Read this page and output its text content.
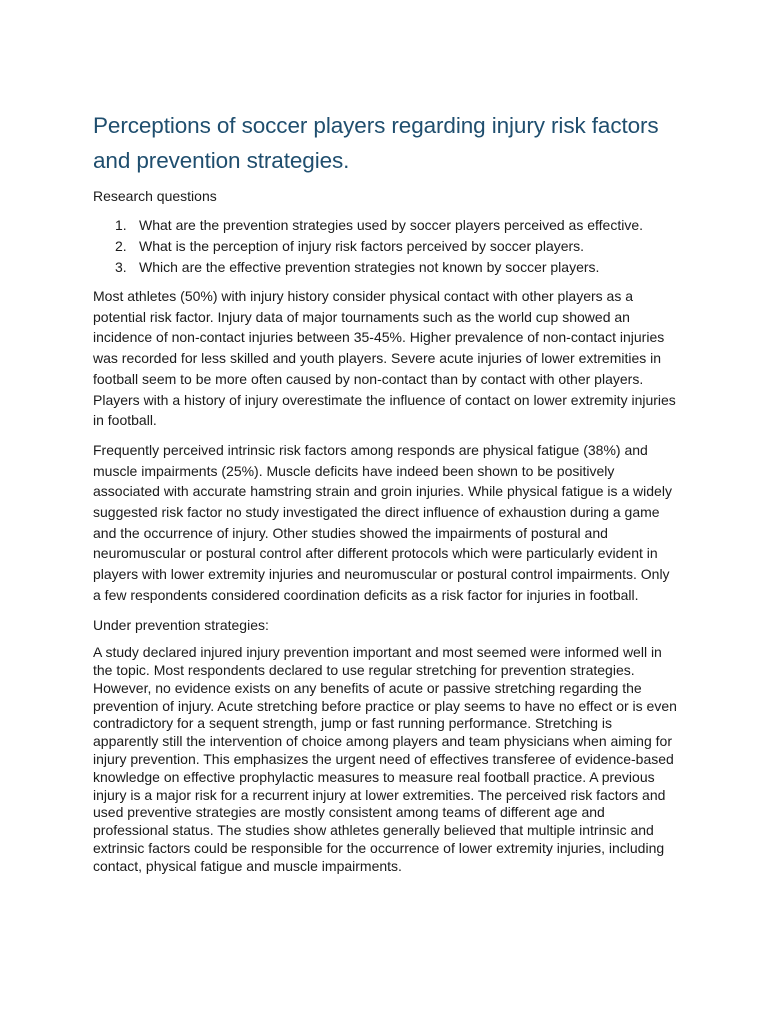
Perceptions of soccer players regarding injury risk factors and prevention strategies.
Research questions
1. What are the prevention strategies used by soccer players perceived as effective.
2. What is the perception of injury risk factors perceived by soccer players.
3. Which are the effective prevention strategies not known by soccer players.

Most athletes (50%) with injury history consider physical contact with other players as a potential risk factor. Injury data of major tournaments such as the world cup showed an incidence of non-contact injuries between 35-45%. Higher prevalence of non-contact injuries was recorded for less skilled and youth players. Severe acute injuries of lower extremities in football seem to be more often caused by non-contact than by contact with other players. Players with a history of injury overestimate the influence of contact on lower extremity injuries in football.

Frequently perceived intrinsic risk factors among responds are physical fatigue (38%) and muscle impairments (25%). Muscle deficits have indeed been shown to be positively associated with accurate hamstring strain and groin injuries. While physical fatigue is a widely suggested risk factor no study investigated the direct influence of exhaustion during a game and the occurrence of injury. Other studies showed the impairments of postural and neuromuscular or postural control after different protocols which were particularly evident in players with lower extremity injuries and neuromuscular or postural control impairments. Only a few respondents considered coordination deficits as a risk factor for injuries in football.

Under prevention strategies:

A study declared injured injury prevention important and most seemed were informed well in the topic. Most respondents declared to use regular stretching for prevention strategies. However, no evidence exists on any benefits of acute or passive stretching regarding the prevention of injury. Acute stretching before practice or play seems to have no effect or is even contradictory for a sequent strength, jump or fast running performance. Stretching is apparently still the intervention of choice among players and team physicians when aiming for injury prevention. This emphasizes the urgent need of effectives transferee of evidence-based knowledge on effective prophylactic measures to measure real football practice. A previous injury is a major risk for a recurrent injury at lower extremities. The perceived risk factors and used preventive strategies are mostly consistent among teams of different age and professional status. The studies show athletes generally believed that multiple intrinsic and extrinsic factors could be responsible for the occurrence of lower extremity injuries, including contact, physical fatigue and muscle impairments.
